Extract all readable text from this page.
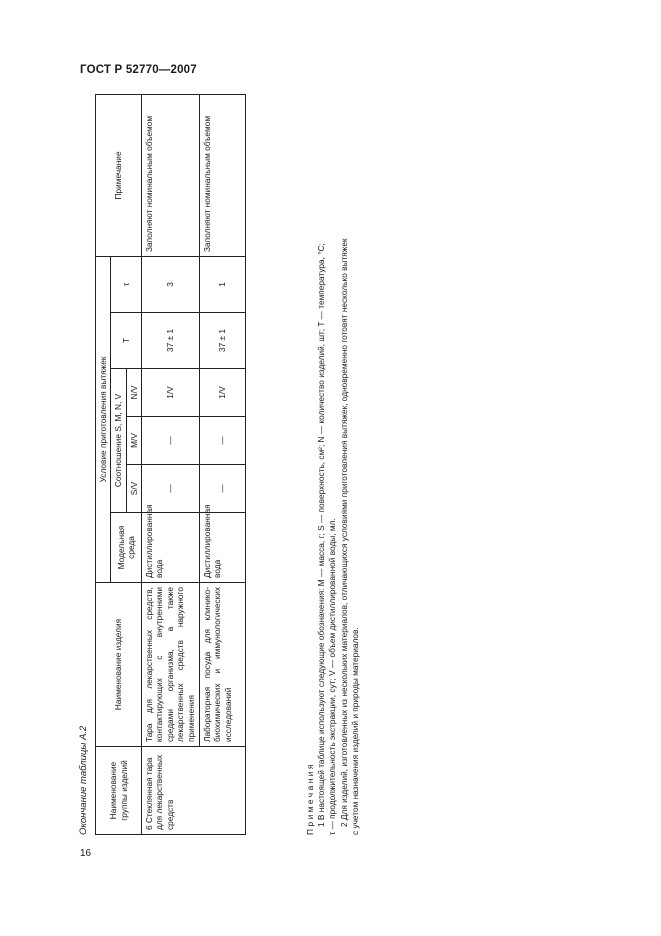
ГОСТ Р 52770—2007
Окончание таблицы А.2 Наименование группы изделий	Наименование изделия	Условие приготовления вытяжек						Примечание
		Модельная среда	Соотношение S, M, N, V			T	τ	
			S/V	M/V	N/V			
6 Стеклянная тара для лекарственных средств	Тара для лекарственных средств, контактирующих с внутренними средами организма, а также лекарственных средств наружного применения	Дистиллированная вода	—	—	1/V	37 ± 1	3	Заполняют номинальным объемом
	Лабораторная посуда для клинико-биохимических и иммунологических исследований	Дистиллированная вода	—	—	1/V	37 ± 1	1	Заполняют номинальным объемом
Примечания 1 В настоящей таблице используют следующие обозначения: М — масса, г; S — поверхность, см²; N — количество изделий, шт; T — температура, °С; τ — продолжительность экстракции, сут; V — объем дистиллированной воды, мл. 2 Для изделий, изготовленных из нескольких материалов, отличающихся условиями приготовления вытяжек, одновременно готовят несколько вытяжек с учетом назначения изделий и природы материалов.
16
